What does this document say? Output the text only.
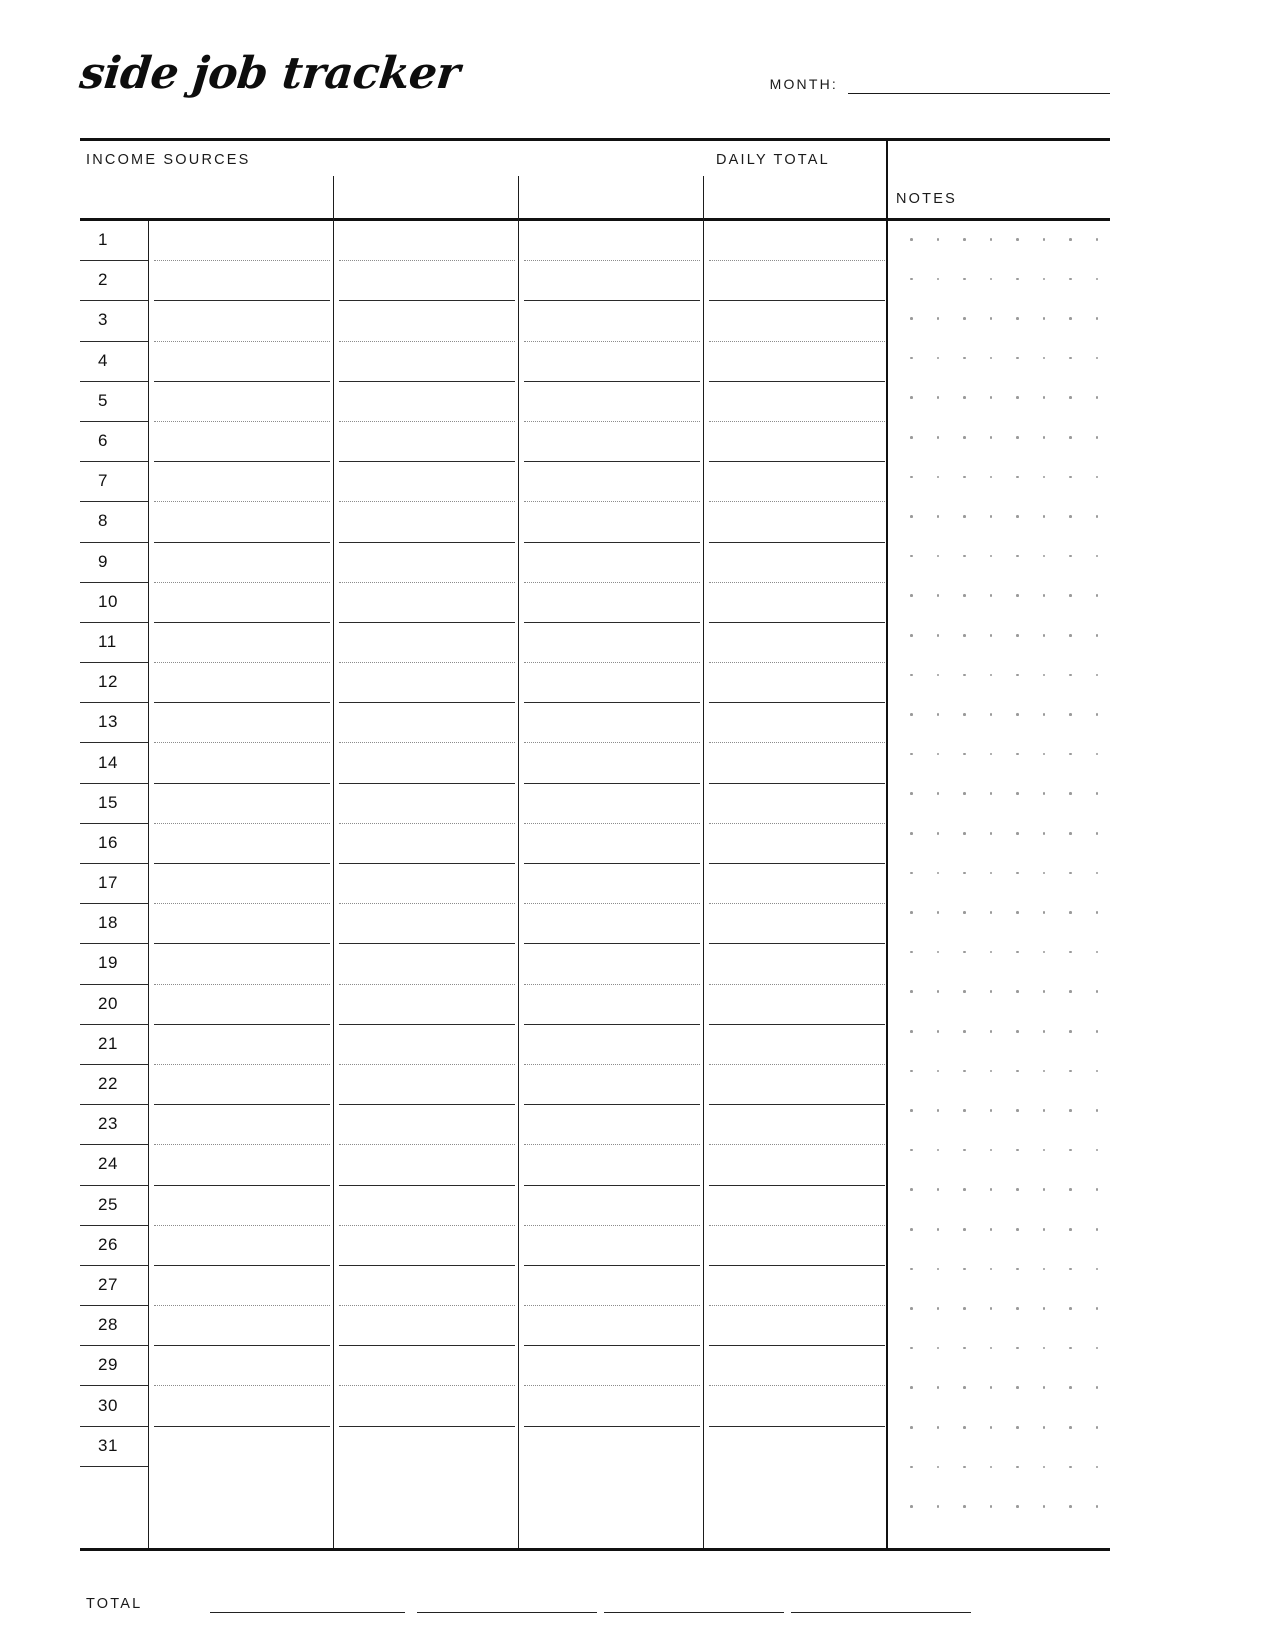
side job tracker	MONTH:
INCOME SOURCES	DAILY TOTAL
NOTES
1
2
3
4
5
6
7
8
9
10
11
12
13
14
15
16
17
18
19
20
21
22
23
24
25
26
27
28
29
30
31
TOTAL
